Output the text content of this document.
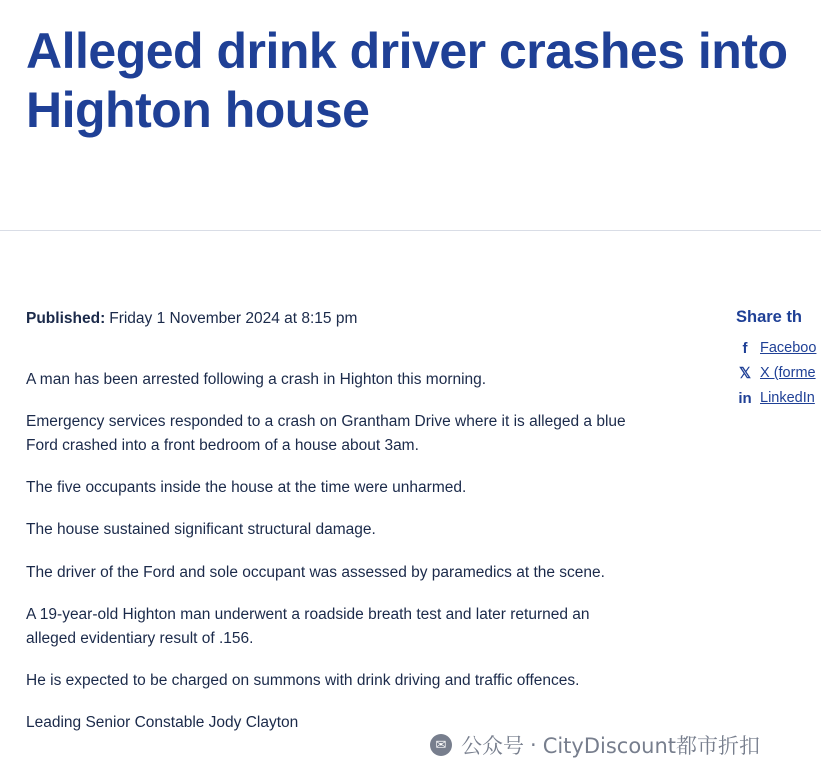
Alleged drink driver crashes into Highton house
Published: Friday 1 November 2024 at 8:15 pm

A man has been arrested following a crash in Highton this morning.

Emergency services responded to a crash on Grantham Drive where it is alleged a blue Ford crashed into a front bedroom of a house about 3am.

The five occupants inside the house at the time were unharmed.

The house sustained significant structural damage.

The driver of the Ford and sole occupant was assessed by paramedics at the scene.

A 19-year-old Highton man underwent a roadside breath test and later returned an alleged evidentiary result of .156.

He is expected to be charged on summons with drink driving and traffic offences.

Leading Senior Constable Jody Clayton

Share th
f Faceboo
𝕏 X (forme
in LinkedIn
✉ 公众号 · CityDiscount都市折扣
